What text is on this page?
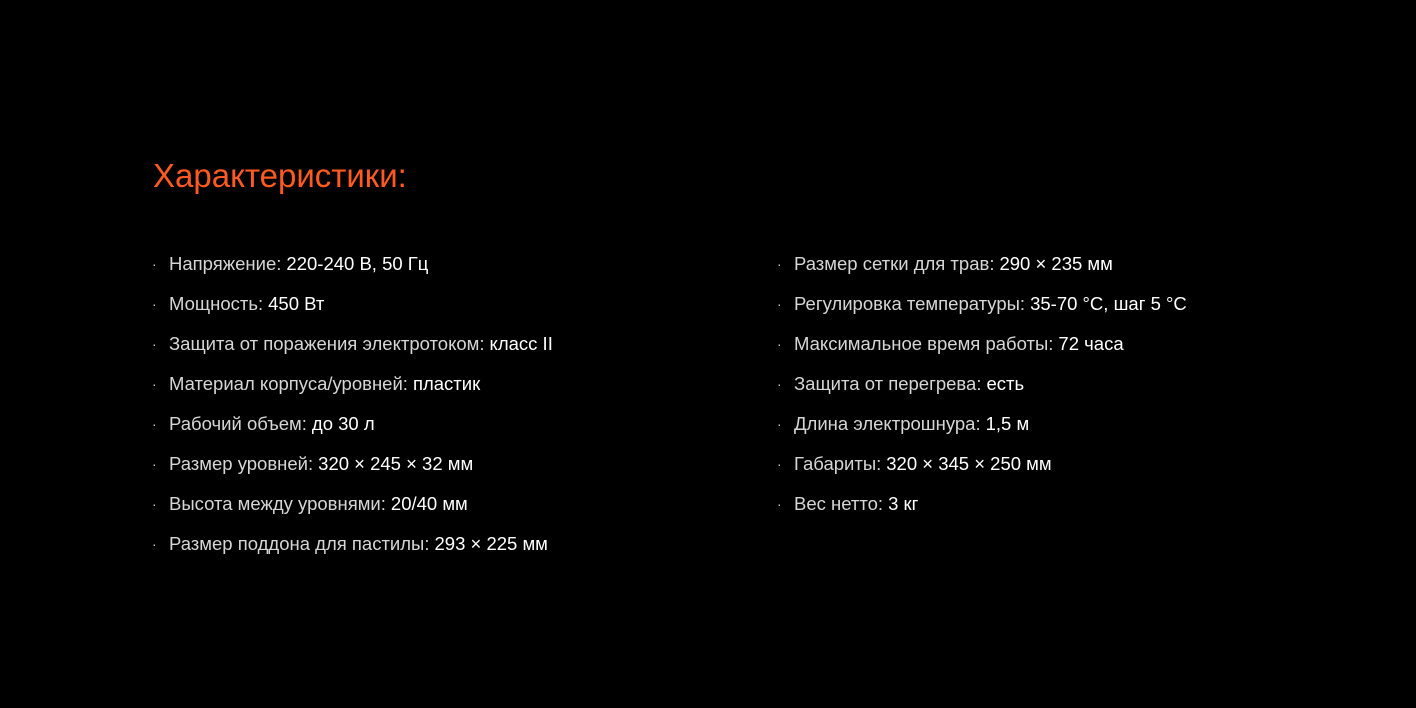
Характеристики:
· Напряжение: 220-240 В, 50 Гц
· Мощность: 450 Вт
· Защита от поражения электротоком: класс II
· Материал корпуса/уровней: пластик
· Рабочий объем: до 30 л
· Размер уровней: 320 × 245 × 32 мм
· Высота между уровнями: 20/40 мм
· Размер поддона для пастилы: 293 × 225 мм
· Размер сетки для трав: 290 × 235 мм
· Регулировка температуры: 35-70 °С, шаг 5 °С
· Максимальное время работы: 72 часа
· Защита от перегрева: есть
· Длина электрошнура: 1,5 м
· Габариты: 320 × 345 × 250 мм
· Вес нетто: 3 кг
